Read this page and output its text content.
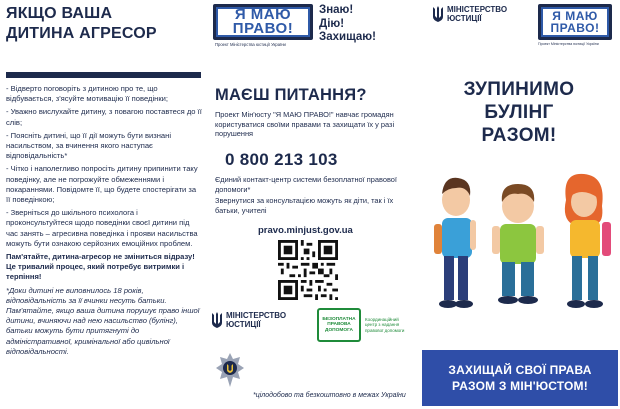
ЯКЩО ВАША
ДИТИНА АГРЕСОР

- Відверто поговоріть з дитиною про те, що відбувається, з'ясуйте мотивацію її поведінки;

- Уважно вислухайте дитину, з повагою поставтеся до її слів;

- Поясніть дитині, що її дії можуть бути визнані насильством, за вчинення якого наступає відповідальність*

- Чітко і наполегливо попросіть дитину припинити таку поведінку, але не погрожуйте обмеженнями і покараннями. Повідомте її, що будете спостерігати за її поведінкою;

- Зверніться до шкільного психолога і проконсультуйтеся щодо поведінки своєї дитини під час занять – агресивна поведінка і прояви насильства можуть бути ознакою серйозних емоційних проблем.

Пам'ятайте, дитина-агресор не зміниться відразу! Це тривалий процес, який потребує витримки і терпіння!

*Доки дитині не виповнилось 18 років, відповідальність за її вчинки несуть батьки. Пам'ятайте, якщо ваша дитина порушує право іншої дитини, вчиняючи над нею насильство (булінг), батьки можуть бути притягнуті до адміністративної, кримінальної або цивільної відповідальності.

Я МАЮ
ПРАВО!
Проект Міністерства юстиції України
Знаю!
Дію!
Захищаю!
МАЄШ ПИТАННЯ?
Проект Мін'юсту "Я МАЮ ПРАВО!" навчає громадян користуватися своїми правами та захищати їх у разі порушення
0 800 213 103
Єдиний контакт-центр системи безоплатної правової допомоги*
Звернутися за консультацією можуть як діти, так і їх батьки, учителі
pravo.minjust.gov.ua
МІНІСТЕРСТВО
ЮСТИЦІЇ
БЕЗОПЛАТНА
ПРАВОВА
ДОПОМОГА
Координаційний центр з надання правової допомоги
*цілодобово та безкоштовно в межах України
МІНІСТЕРСТВО
ЮСТИЦІЇ	Я МАЮ
ПРАВО!
Проект Міністерства юстиції України
ЗУПИНИМО
БУЛІНГ
РАЗОМ!
ЗАХИЩАЙ СВОЇ ПРАВА
РАЗОМ З МІН'ЮСТОМ!
